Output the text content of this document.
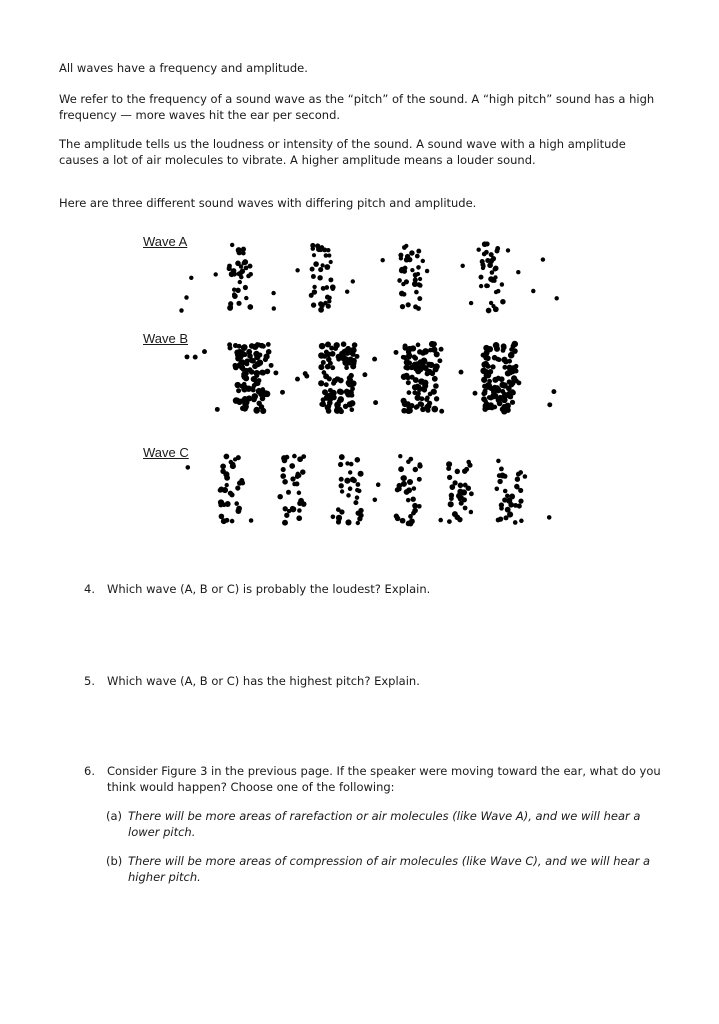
All waves have a frequency and amplitude.

We refer to the frequency of a sound wave as the “pitch” of the sound. A “high pitch” sound has a high frequency — more waves hit the ear per second.

The amplitude tells us the loudness or intensity of the sound. A sound wave with a high amplitude causes a lot of air molecules to vibrate. A higher amplitude means a louder sound.

Here are three different sound waves with differing pitch and amplitude.

Wave A
Wave B
Wave C
4. Which wave (A, B or C) is probably the loudest? Explain.
5. Which wave (A, B or C) has the highest pitch? Explain.
6. Consider Figure 3 in the previous page. If the speaker were moving toward the ear, what do you think would happen? Choose one of the following:
(a) There will be more areas of rarefaction or air molecules (like Wave A), and we will hear a lower pitch.
(b) There will be more areas of compression of air molecules (like Wave C), and we will hear a higher pitch.
